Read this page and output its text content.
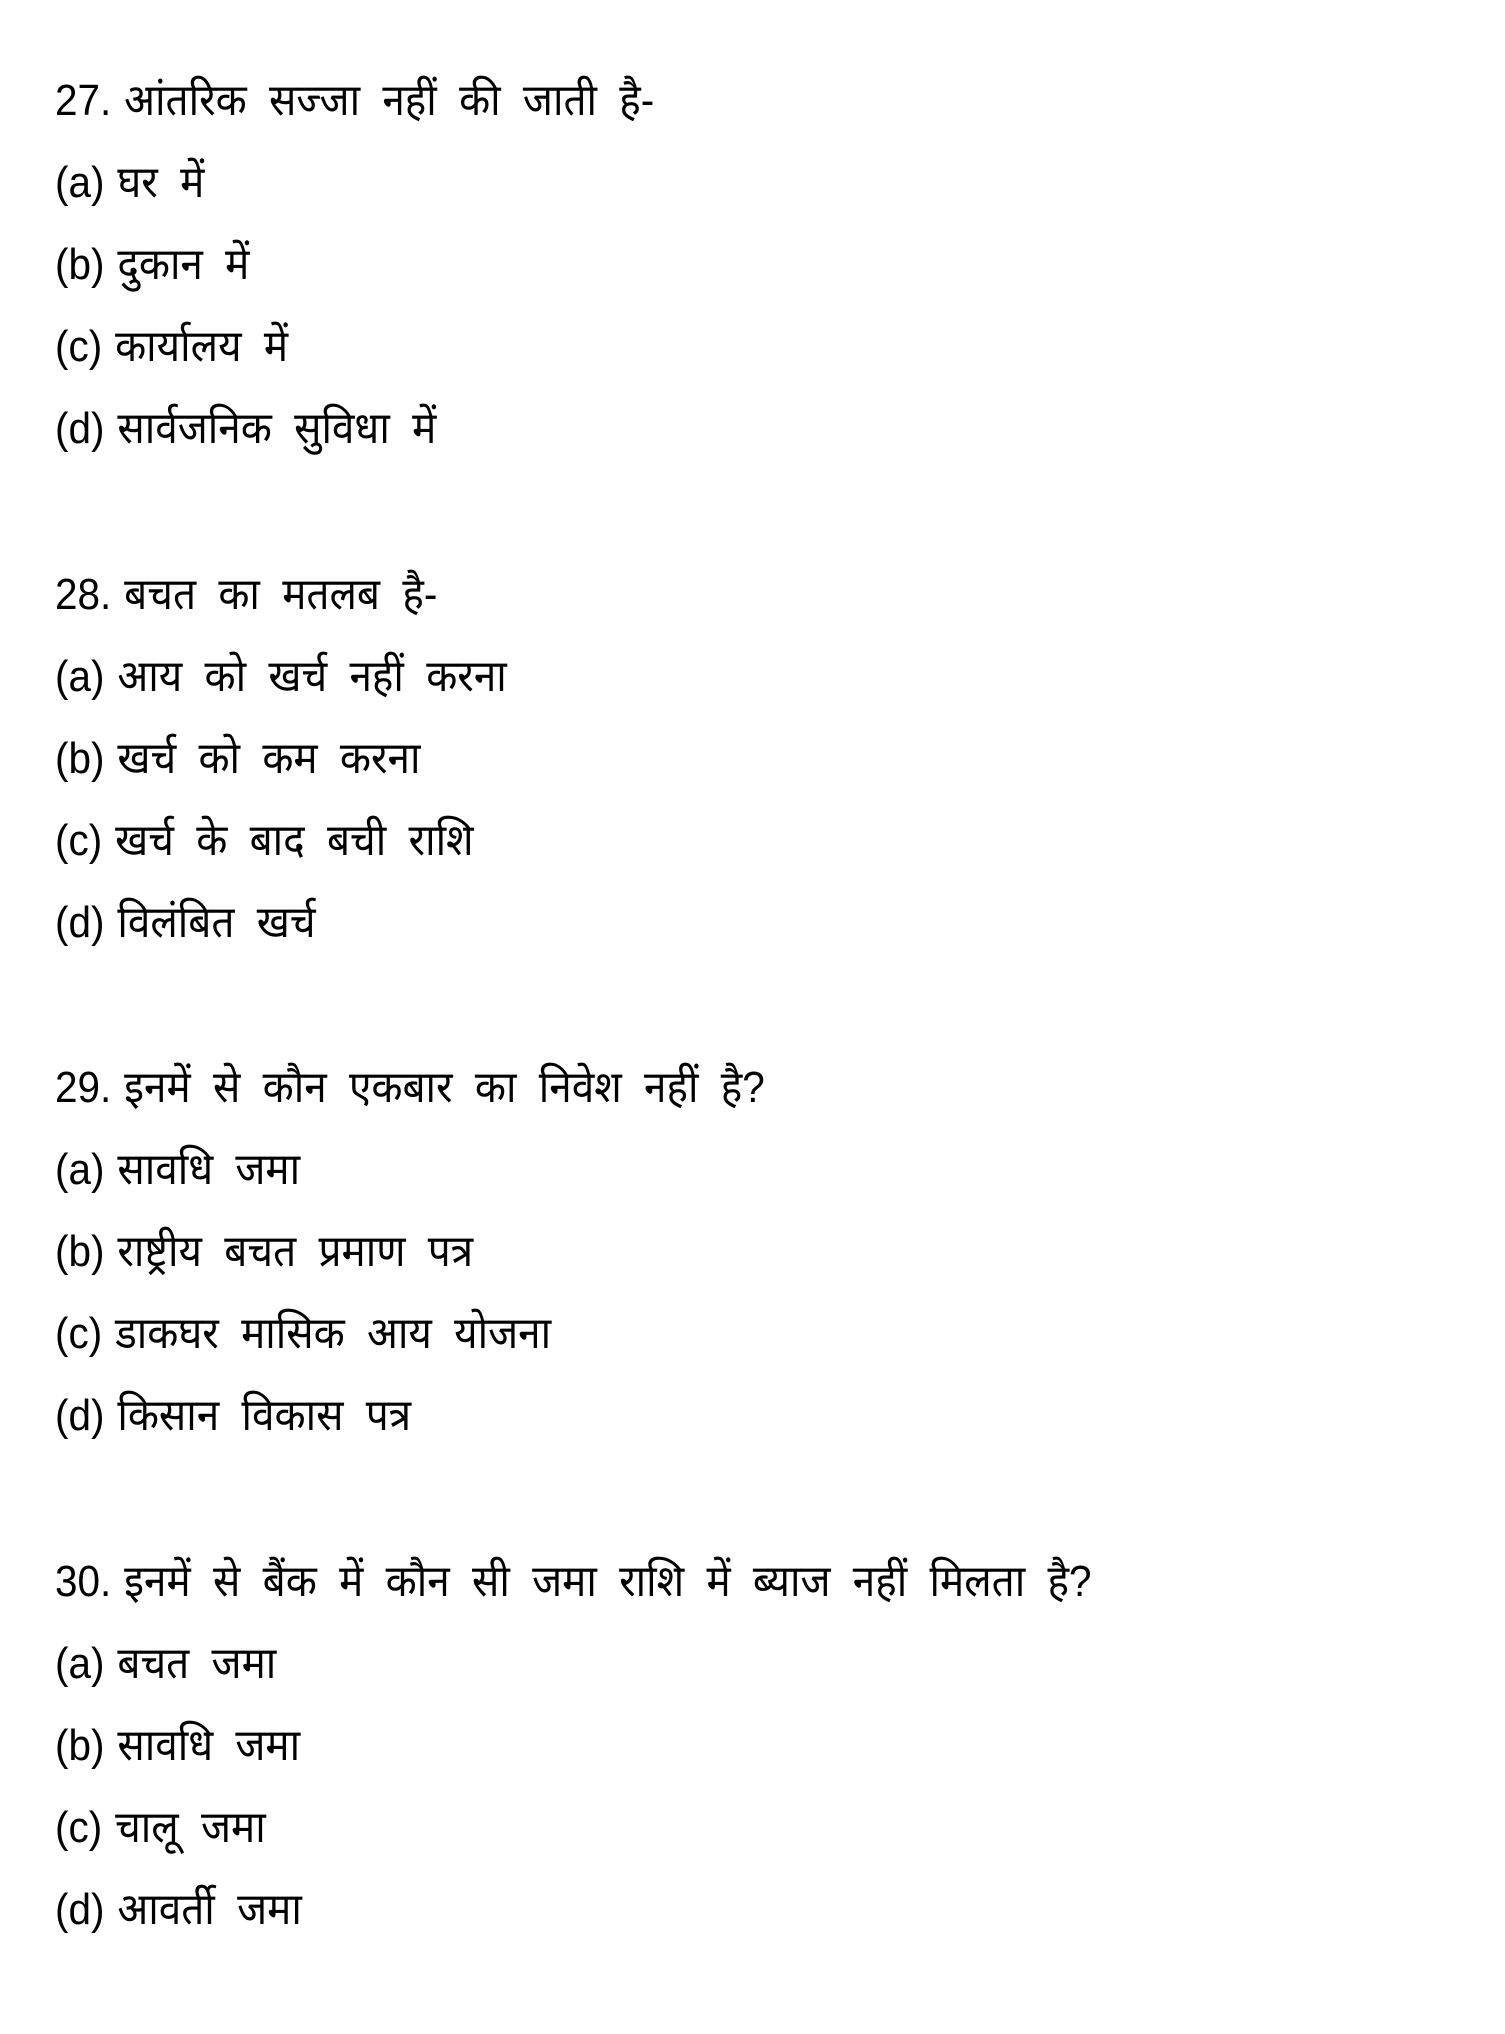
27. आंतरिक सज्जा नहीं की जाती है-
(a) घर में
(b) दुकान में
(c) कार्यालय में
(d) सार्वजनिक सुविधा में
28. बचत का मतलब है-
(a) आय को खर्च नहीं करना
(b) खर्च को कम करना
(c) खर्च के बाद बची राशि
(d) विलंबित खर्च
29. इनमें से कौन एकबार का निवेश नहीं है?
(a) सावधि जमा
(b) राष्ट्रीय बचत प्रमाण पत्र
(c) डाकघर मासिक आय योजना
(d) किसान विकास पत्र
30. इनमें से बैंक में कौन सी जमा राशि में ब्याज नहीं मिलता है?
(a) बचत जमा
(b) सावधि जमा
(c) चालू जमा
(d) आवर्ती जमा
